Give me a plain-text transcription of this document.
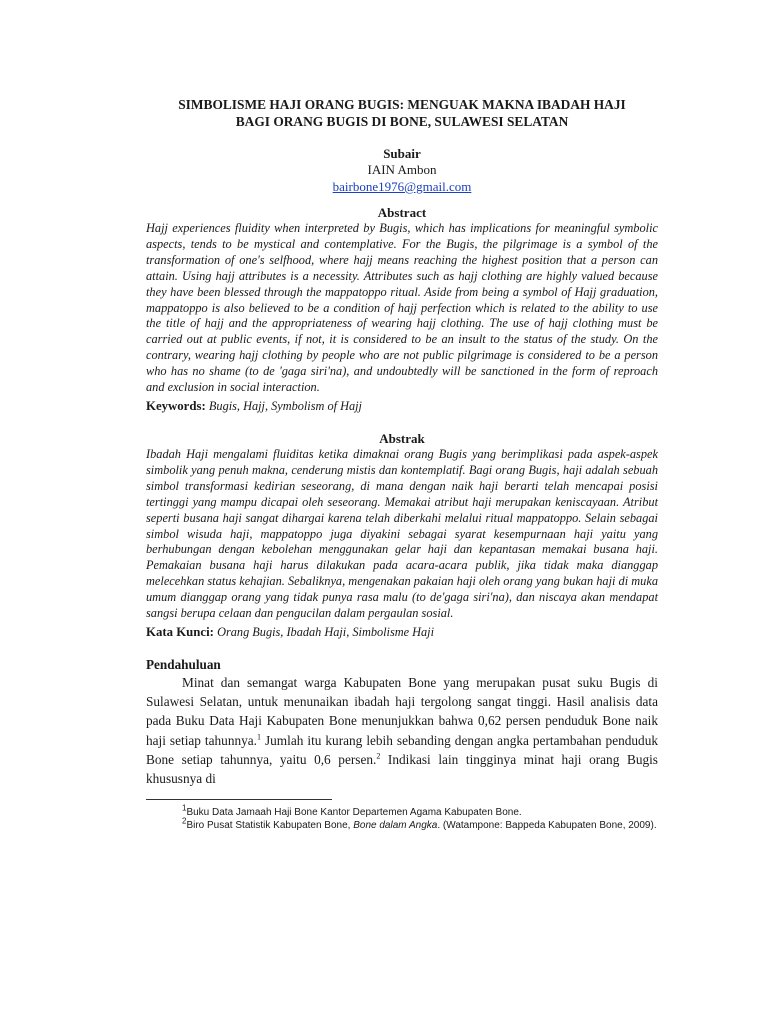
SIMBOLISME HAJI ORANG BUGIS: MENGUAK MAKNA IBADAH HAJI
BAGI ORANG BUGIS DI BONE, SULAWESI SELATAN
Subair
IAIN Ambon
bairbone1976@gmail.com
Abstract

Hajj experiences fluidity when interpreted by Bugis, which has implications for meaningful symbolic aspects, tends to be mystical and contemplative. For the Bugis, the pilgrimage is a symbol of the transformation of one's selfhood, where hajj means reaching the highest position that a person can attain. Using hajj attributes is a necessity. Attributes such as hajj clothing are highly valued because they have been blessed through the mappatoppo ritual. Aside from being a symbol of Hajj graduation, mappatoppo is also believed to be a condition of hajj perfection which is related to the ability to use the title of hajj and the appropriateness of wearing hajj clothing. The use of hajj clothing must be carried out at public events, if not, it is considered to be an insult to the status of the study. On the contrary, wearing hajj clothing by people who are not public pilgrimage is considered to be a person who has no shame (to de 'gaga siri'na), and undoubtedly will be sanctioned in the form of reproach and exclusion in social interaction.

Keywords: Bugis, Hajj, Symbolism of Hajj
Abstrak

Ibadah Haji mengalami fluiditas ketika dimaknai orang Bugis yang berimplikasi pada aspek-aspek simbolik yang penuh makna, cenderung mistis dan kontemplatif. Bagi orang Bugis, haji adalah sebuah simbol transformasi kedirian seseorang, di mana dengan naik haji berarti telah mencapai posisi tertinggi yang mampu dicapai oleh seseorang. Memakai atribut haji merupakan keniscayaan. Atribut seperti busana haji sangat dihargai karena telah diberkahi melalui ritual mappatoppo. Selain sebagai simbol wisuda haji, mappatoppo juga diyakini sebagai syarat kesempurnaan haji yaitu yang berhubungan dengan kebolehan menggunakan gelar haji dan kepantasan memakai busana haji. Pemakaian busana haji harus dilakukan pada acara-acara publik, jika tidak maka dianggap melecehkan status kehajian. Sebaliknya, mengenakan pakaian haji oleh orang yang bukan haji di muka umum dianggap orang yang tidak punya rasa malu (to de'gaga siri'na), dan niscaya akan mendapat sangsi berupa celaan dan pengucilan dalam pergaulan sosial.

Kata Kunci: Orang Bugis, Ibadah Haji, Simbolisme Haji
Pendahuluan

Minat dan semangat warga Kabupaten Bone yang merupakan pusat suku Bugis di Sulawesi Selatan, untuk menunaikan ibadah haji tergolong sangat tinggi. Hasil analisis data pada Buku Data Haji Kabupaten Bone menunjukkan bahwa 0,62 persen penduduk Bone naik haji setiap tahunnya.$^1$ Jumlah itu kurang lebih sebanding dengan angka pertambahan penduduk Bone setiap tahunnya, yaitu 0,6 persen.$^2$ Indikasi lain tingginya minat haji orang Bugis khususnya di

$^1$Buku Data Jamaah Haji Bone Kantor Departemen Agama Kabupaten Bone.

$^2$Biro Pusat Statistik Kabupaten Bone, Bone dalam Angka. (Watampone: Bappeda Kabupaten Bone, 2009).
